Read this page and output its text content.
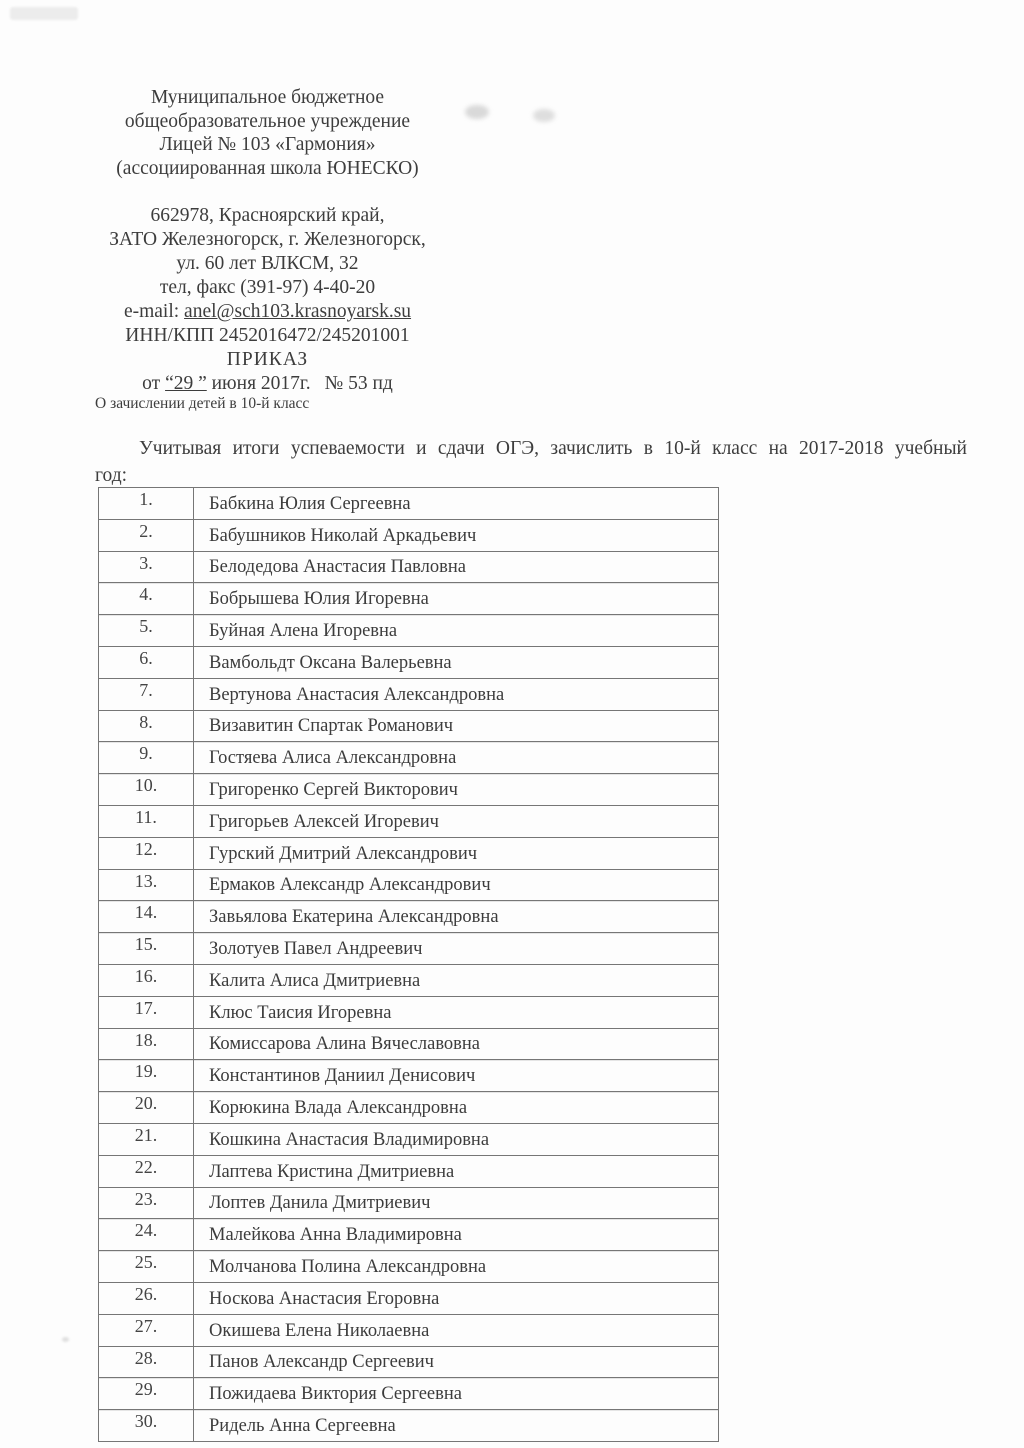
Муниципальное бюджетное
общеобразовательное учреждение
Лицей № 103 «Гармония»
(ассоциированная школа ЮНЕСКО)
662978, Красноярский край,
ЗАТО Железногорск, г. Железногорск,
ул. 60 лет ВЛКСМ, 32
тел, факс (391-97) 4-40-20
e-mail: anel@sch103.krasnoyarsk.su
ИНН/КПП 2452016472/245201001
ПРИКАЗ
от “29 ” июня 2017г. № 53 пд
О зачислении детей в 10-й класс
Учитывая итоги успеваемости и сдачи ОГЭ, зачислить в 10-й класс на 2017-2018 учебный
год:
1.	Бабкина Юлия Сергеевна
2.	Бабушников Николай Аркадьевич
3.	Белодедова Анастасия Павловна
4.	Бобрышева Юлия Игоревна
5.	Буйная Алена Игоревна
6.	Вамбольдт Оксана Валерьевна
7.	Вертунова Анастасия Александровна
8.	Визавитин Спартак Романович
9.	Гостяева Алиса Александровна
10.	Григоренко Сергей Викторович
11.	Григорьев Алексей Игоревич
12.	Гурский Дмитрий Александрович
13.	Ермаков Александр Александрович
14.	Завьялова Екатерина Александровна
15.	Золотуев Павел Андреевич
16.	Калита Алиса Дмитриевна
17.	Клюс Таисия Игоревна
18.	Комиссарова Алина Вячеславовна
19.	Константинов Даниил Денисович
20.	Корюкина Влада Александровна
21.	Кошкина Анастасия Владимировна
22.	Лаптева Кристина Дмитриевна
23.	Лоптев Данила Дмитриевич
24.	Малейкова Анна Владимировна
25.	Молчанова Полина Александровна
26.	Носкова Анастасия Егоровна
27.	Окишева Елена Николаевна
28.	Панов Александр Сергеевич
29.	Пожидаева Виктория Сергеевна
30.	Ридель Анна Сергеевна
